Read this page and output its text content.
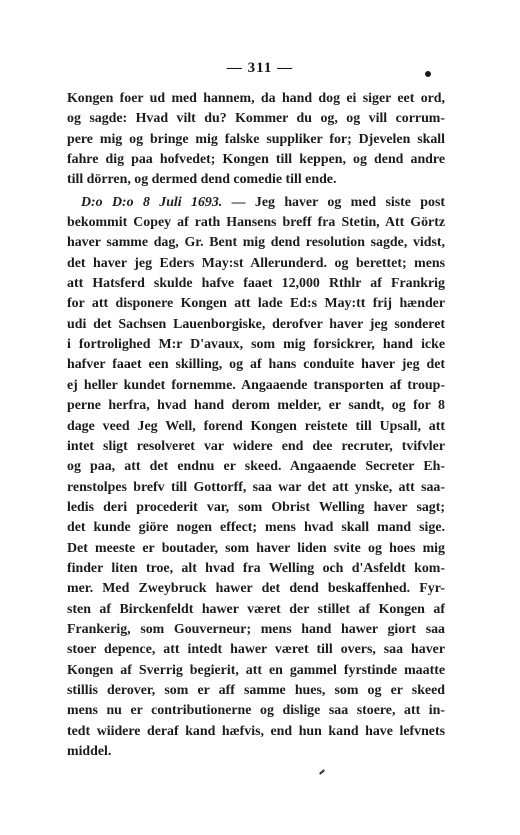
— 311 —
Kongen foer ud med hannem, da hand dog ei siger eet ord,
og sagde: Hvad vilt du? Kommer du og, og vill corrum-
pere mig og bringe mig falske suppliker for; Djevelen skall
fahre dig paa hofvedet; Kongen till keppen, og dend andre
till dörren, og dermed dend comedie till ende.
D:o D:o 8 Juli 1693. — Jeg haver og med siste post
bekommit Copey af rath Hansens breff fra Stetin, Att Görtz
haver samme dag, Gr. Bent mig dend resolution sagde, vidst,
det haver jeg Eders May:st Allerunderd. og berettet; mens
att Hatsferd skulde hafve faaet 12,000 Rthlr af Frankrig
for att disponere Kongen att lade Ed:s May:tt frij hænder
udi det Sachsen Lauenborgiske, derofver haver jeg sonderet
i fortrolighed M:r D'avaux, som mig forsickrer, hand icke
hafver faaet een skilling, og af hans conduite haver jeg det
ej heller kundet fornemme. Angaaende transporten af troup-
perne herfra, hvad hand derom melder, er sandt, og for 8
dage veed Jeg Well, forend Kongen reistete till Upsall, att
intet sligt resolveret var widere end dee recruter, tvifvler
og paa, att det endnu er skeed. Angaaende Secreter Eh-
renstolpes brefv till Gottorff, saa war det att ynske, att saa-
ledis deri procederit var, som Obrist Welling haver sagt;
det kunde giöre nogen effect; mens hvad skall mand sige.
Det meeste er boutader, som haver liden svite og hoes mig
finder liten troe, alt hvad fra Welling och d'Asfeldt kom-
mer. Med Zweybruck hawer det dend beskaffenhed. Fyr-
sten af Birckenfeldt hawer været der stillet af Kongen af
Frankerig, som Gouverneur; mens hand hawer giort saa
stoer depence, att intedt hawer været till overs, saa haver
Kongen af Sverrig begierit, att en gammel fyrstinde maatte
stillis derover, som er aff samme hues, som og er skeed
mens nu er contributionerne og dislige saa stoere, att in-
tedt wiidere deraf kand hæfvis, end hun kand have lefvnets
middel.
